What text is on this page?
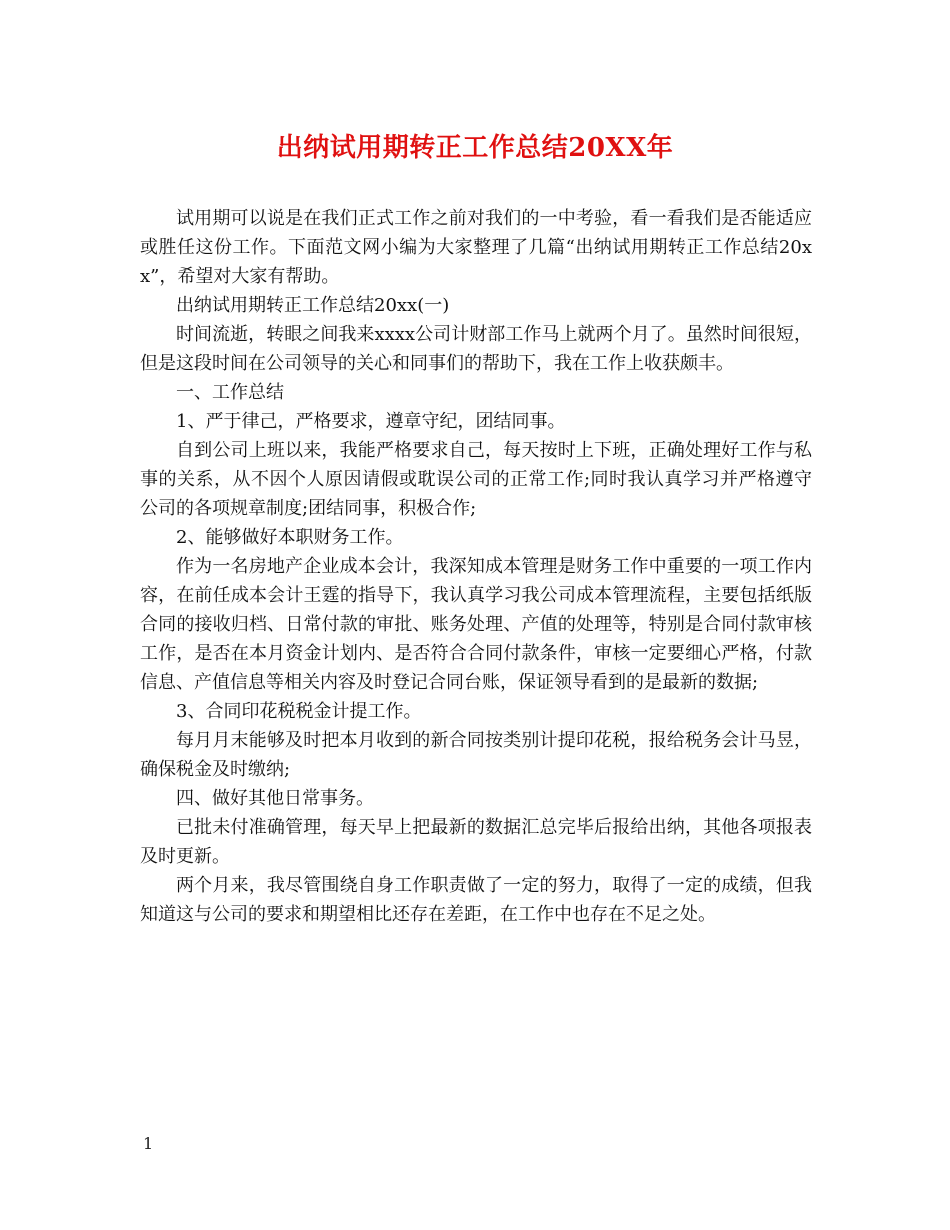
出纳试用期转正工作总结20XX年

试用期可以说是在我们正式工作之前对我们的一中考验，看一看我们是否能适应或胜任这份工作。下面范文网小编为大家整理了几篇“出纳试用期转正工作总结20xx”，希望对大家有帮助。

出纳试用期转正工作总结20xx(一)

时间流逝，转眼之间我来xxxx公司计财部工作马上就两个月了。虽然时间很短，但是这段时间在公司领导的关心和同事们的帮助下，我在工作上收获颇丰。

一、工作总结

1、严于律己，严格要求，遵章守纪，团结同事。

自到公司上班以来，我能严格要求自己，每天按时上下班，正确处理好工作与私事的关系，从不因个人原因请假或耽误公司的正常工作;同时我认真学习并严格遵守公司的各项规章制度;团结同事，积极合作;

2、能够做好本职财务工作。

作为一名房地产企业成本会计，我深知成本管理是财务工作中重要的一项工作内容，在前任成本会计王霆的指导下，我认真学习我公司成本管理流程，主要包括纸版合同的接收归档、日常付款的审批、账务处理、产值的处理等，特别是合同付款审核工作，是否在本月资金计划内、是否符合合同付款条件，审核一定要细心严格，付款信息、产值信息等相关内容及时登记合同台账，保证领导看到的是最新的数据;

3、合同印花税税金计提工作。

每月月末能够及时把本月收到的新合同按类别计提印花税，报给税务会计马昱，确保税金及时缴纳;

四、做好其他日常事务。

已批未付准确管理，每天早上把最新的数据汇总完毕后报给出纳，其他各项报表及时更新。

两个月来，我尽管围绕自身工作职责做了一定的努力，取得了一定的成绩，但我知道这与公司的要求和期望相比还存在差距，在工作中也存在不足之处。

1
